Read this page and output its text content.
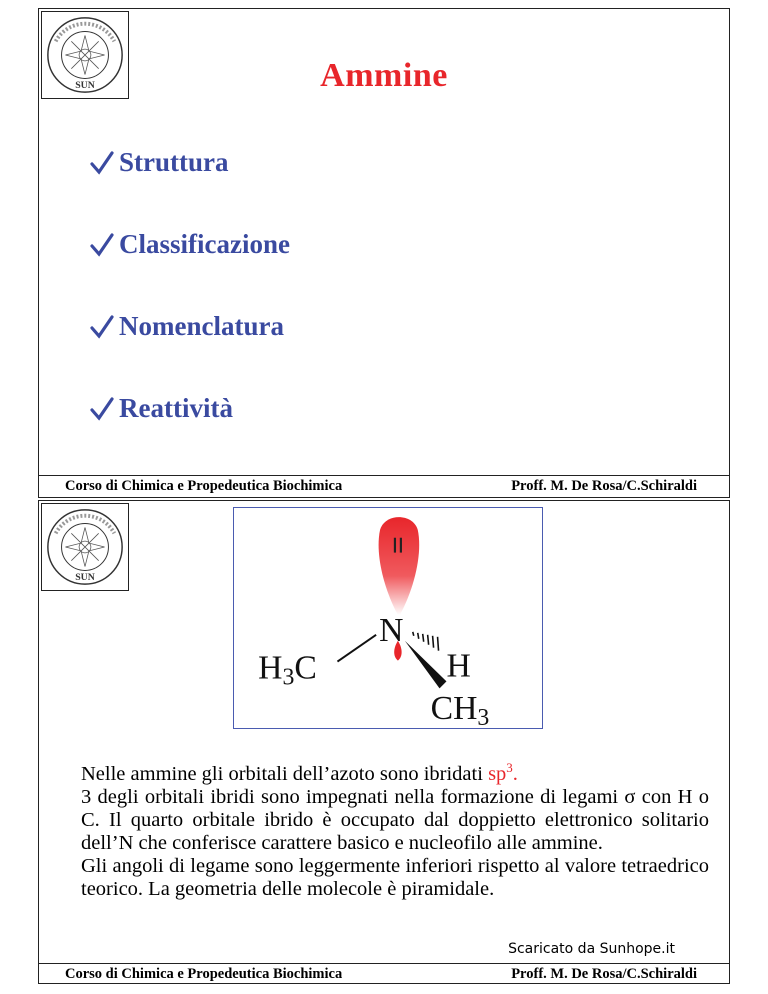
SUN	Ammine
Struttura
Classificazione
Nomenclatura
Reattività
Corso di Chimica e Propedeutica Biochimica	Proff. M. De Rosa/C.Schiraldi
SUN
N
H
H3C
CH3

Nelle ammine gli orbitali dell’azoto sono ibridati $sp^3$.

3 degli orbitali ibridi sono impegnati nella formazione di legami σ con H o C. Il quarto orbitale ibrido è occupato dal doppietto elettronico solitario dell’N che conferisce carattere basico e nucleofilo alle ammine.

Gli angoli di legame sono leggermente inferiori rispetto al valore tetraedrico teorico. La geometria delle molecole è piramidale.

Scaricato da Sunhope.it
Corso di Chimica e Propedeutica Biochimica	Proff. M. De Rosa/C.Schiraldi
